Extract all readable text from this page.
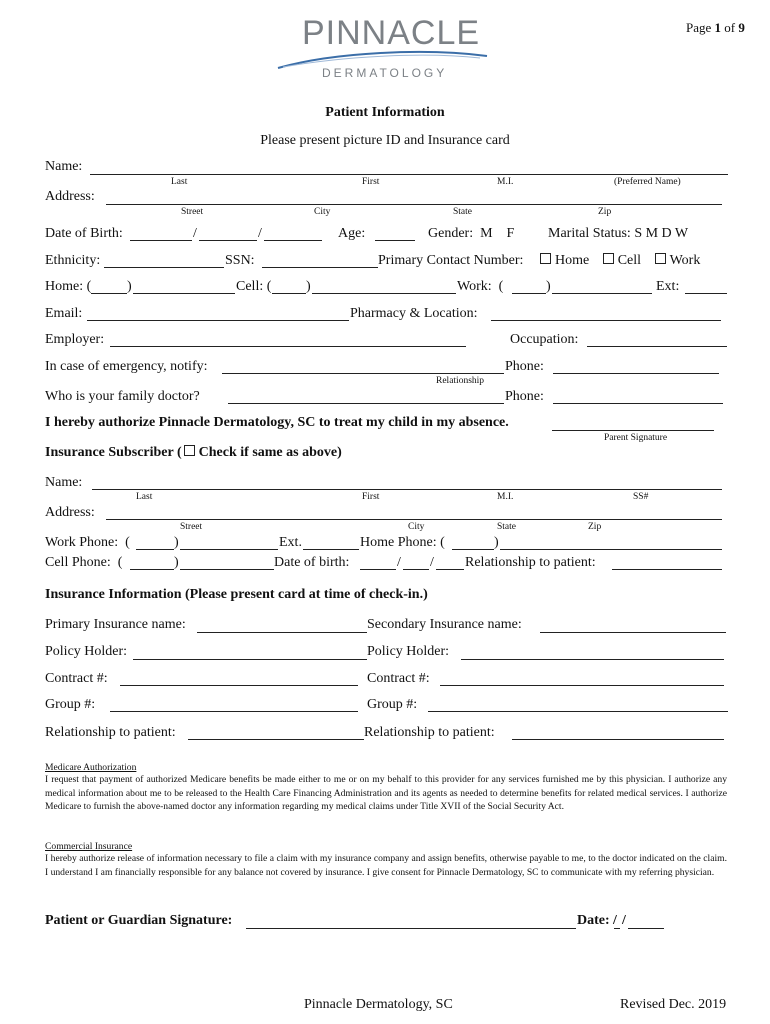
PINNACLE
DERMATOLOGY
Page 1 of 9
Patient Information
Please present picture ID and Insurance card
Name:
Last	First	M.I.	(Preferred Name)
Address:
Street	City	State	Zip
Date of Birth:	/	/	Age:	Gender:  M    F Marital Status: S M D W
Ethnicity:	SSN:	Primary Contact Number:	Home Cell Work
Home: (	)	Cell: ( )	Work:  (	)	Ext:
Email:	Pharmacy & Location:
Employer:	Occupation:
In case of emergency, notify:	Phone:
Relationship
Who is your family doctor?	Phone:
I hereby authorize Pinnacle Dermatology, SC to treat my child in my absence.
Parent Signature
Insurance Subscriber ( Check if same as above)
Name:
Last	First	M.I.	SS#
Address:
Street	City	State	Zip
Work Phone:  (	)	Ext.	Home Phone: (	)
Cell Phone:  (	)	Date of birth:	/ / Relationship to patient:
Insurance Information (Please present card at time of check-in.)
Primary Insurance name:	Secondary Insurance name:
Policy Holder:	Policy Holder:
Contract #:	Contract #:
Group #:	Group #:
Relationship to patient:	Relationship to patient:
Medicare Authorization
I request that payment of authorized Medicare benefits be made either to me or on my behalf to this provider for any services furnished me by this physician. I authorize any medical information about me to be released to the Health Care Financing Administration and its agents as needed to determine benefits for related medical services. I authorize Medicare to furnish the above-named doctor any information regarding my medical claims under Title XVII of the Social Security Act.
Commercial Insurance
I hereby authorize release of information necessary to file a claim with my insurance company and assign benefits, otherwise payable to me, to the doctor indicated on the claim. I understand I am financially responsible for any balance not covered by insurance. I give consent for Pinnacle Dermatology, SC to communicate with my referring physician.
Patient or Guardian Signature:	Date: / /
Pinnacle Dermatology, SC	Revised Dec. 2019
